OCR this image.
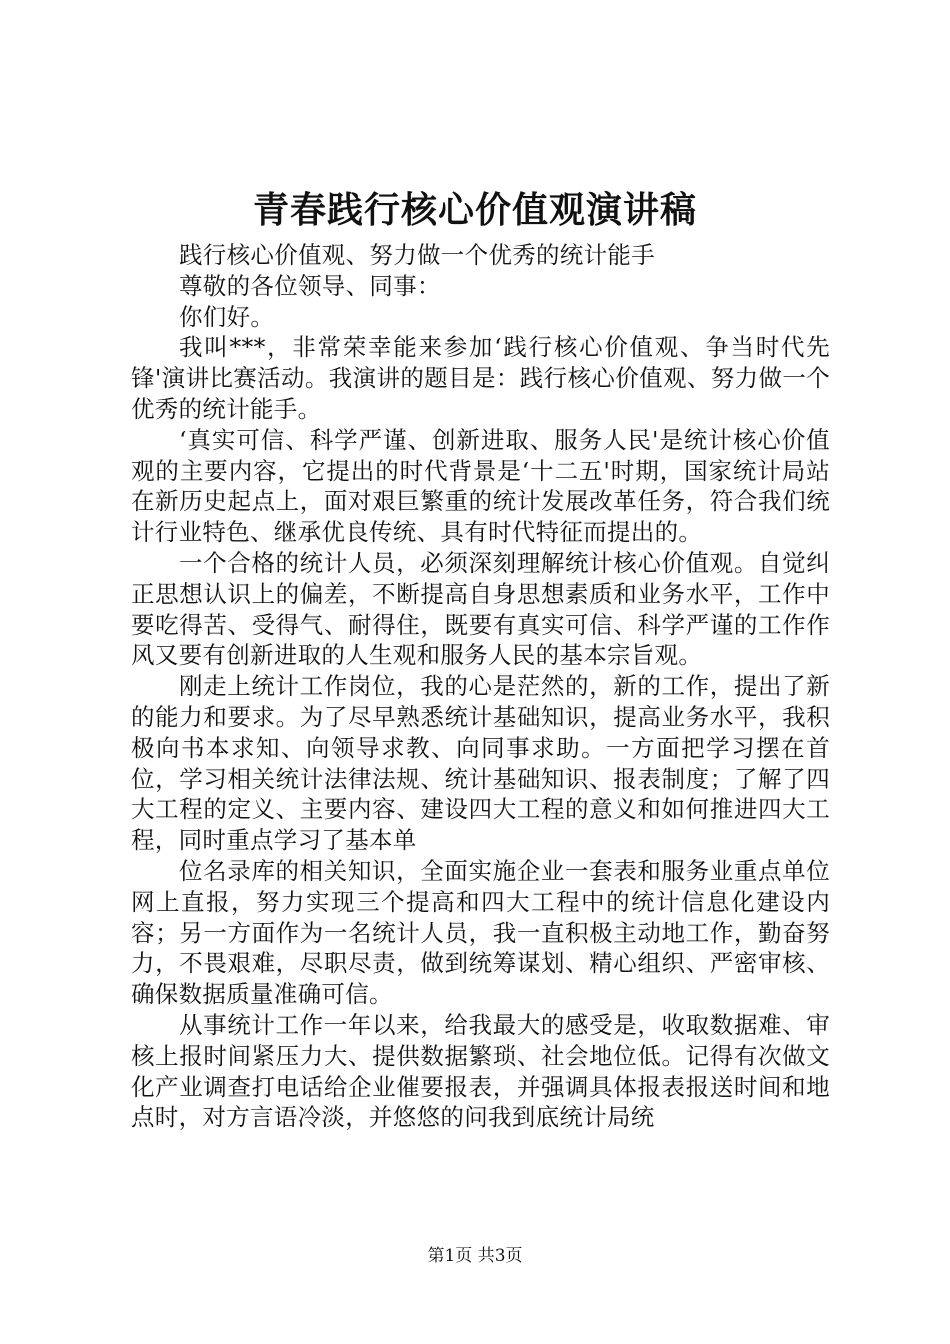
青春践行核心价值观演讲稿

践行核心价值观、努力做一个优秀的统计能手

尊敬的各位领导、同事：

你们好。

我叫***，非常荣幸能来参加‘践行核心价值观、争当时代先锋'演讲比赛活动。我演讲的题目是：践行核心价值观、努力做一个优秀的统计能手。

‘真实可信、科学严谨、创新进取、服务人民'是统计核心价值观的主要内容，它提出的时代背景是‘十二五'时期，国家统计局站在新历史起点上，面对艰巨繁重的统计发展改革任务，符合我们统计行业特色、继承优良传统、具有时代特征而提出的。

一个合格的统计人员，必须深刻理解统计核心价值观。自觉纠正思想认识上的偏差，不断提高自身思想素质和业务水平，工作中要吃得苦、受得气、耐得住，既要有真实可信、科学严谨的工作作风又要有创新进取的人生观和服务人民的基本宗旨观。

刚走上统计工作岗位，我的心是茫然的，新的工作，提出了新的能力和要求。为了尽早熟悉统计基础知识，提高业务水平，我积极向书本求知、向领导求教、向同事求助。一方面把学习摆在首位，学习相关统计法律法规、统计基础知识、报表制度；了解了四大工程的定义、主要内容、建设四大工程的意义和如何推进四大工程，同时重点学习了基本单

位名录库的相关知识，全面实施企业一套表和服务业重点单位网上直报，努力实现三个提高和四大工程中的统计信息化建设内容；另一方面作为一名统计人员，我一直积极主动地工作，勤奋努力，不畏艰难，尽职尽责，做到统筹谋划、精心组织、严密审核、确保数据质量准确可信。

从事统计工作一年以来，给我最大的感受是，收取数据难、审核上报时间紧压力大、提供数据繁琐、社会地位低。记得有次做文化产业调查打电话给企业催要报表，并强调具体报表报送时间和地点时，对方言语冷淡，并悠悠的问我到底统计局统

第1页 共3页
